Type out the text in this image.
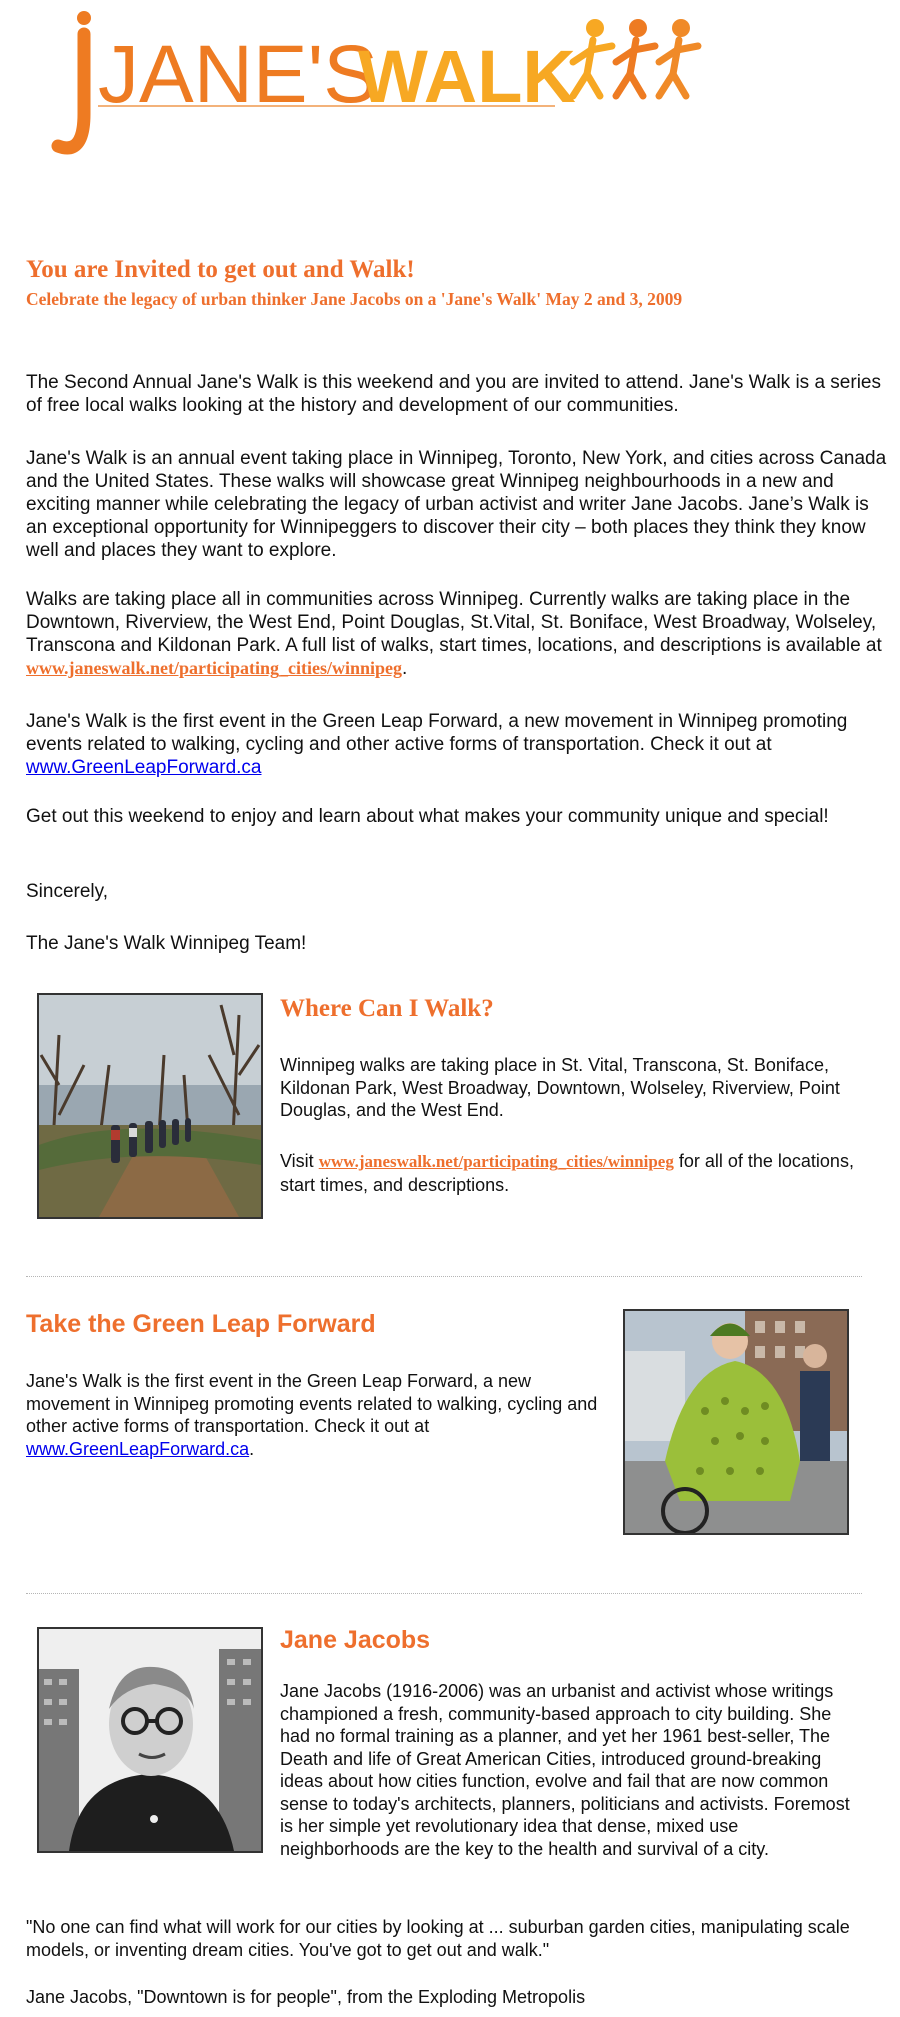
JANE'S
WALK
You are Invited to get out and Walk!
Celebrate the legacy of urban thinker Jane Jacobs on a 'Jane's Walk' May 2 and 3, 2009

The Second Annual Jane's Walk is this weekend and you are invited to attend. Jane's Walk is a series of free local walks looking at the history and development of our communities.

Jane's Walk is an annual event taking place in Winnipeg, Toronto, New York, and cities across Canada and the United States. These walks will showcase great Winnipeg neighbourhoods in a new and exciting manner while celebrating the legacy of urban activist and writer Jane Jacobs. Jane’s Walk is an exceptional opportunity for Winnipeggers to discover their city – both places they think they know well and places they want to explore.

Walks are taking place all in communities across Winnipeg. Currently walks are taking place in the Downtown, Riverview, the West End, Point Douglas, St.Vital, St. Boniface, West Broadway, Wolseley, Transcona and Kildonan Park. A full list of walks, start times, locations, and descriptions is available at www.janeswalk.net/participating_cities/winnipeg.

Jane's Walk is the first event in the Green Leap Forward, a new movement in Winnipeg promoting events related to walking, cycling and other active forms of transportation. Check it out at www.GreenLeapForward.ca

Get out this weekend to enjoy and learn about what makes your community unique and special!

Sincerely,

The Jane's Walk Winnipeg Team!

Where Can I Walk?

Winnipeg walks are taking place in St. Vital, Transcona, St. Boniface, Kildonan Park, West Broadway, Downtown, Wolseley, Riverview, Point Douglas, and the West End.

Visit www.janeswalk.net/participating_cities/winnipeg for all of the locations, start times, and descriptions.

Take the Green Leap Forward

Jane's Walk is the first event in the Green Leap Forward, a new movement in Winnipeg promoting events related to walking, cycling and other active forms of transportation. Check it out at www.GreenLeapForward.ca.

Jane Jacobs

Jane Jacobs (1916-2006) was an urbanist and activist whose writings championed a fresh, community-based approach to city building. She had no formal training as a planner, and yet her 1961 best-seller, The Death and life of Great American Cities, introduced ground-breaking ideas about how cities function, evolve and fail that are now common sense to today's architects, planners, politicians and activists. Foremost is her simple yet revolutionary idea that dense, mixed use neighborhoods are the key to the health and survival of a city.

"No one can find what will work for our cities by looking at ... suburban garden cities, manipulating scale models, or inventing dream cities. You've got to get out and walk."

Jane Jacobs, "Downtown is for people", from the Exploding Metropolis
